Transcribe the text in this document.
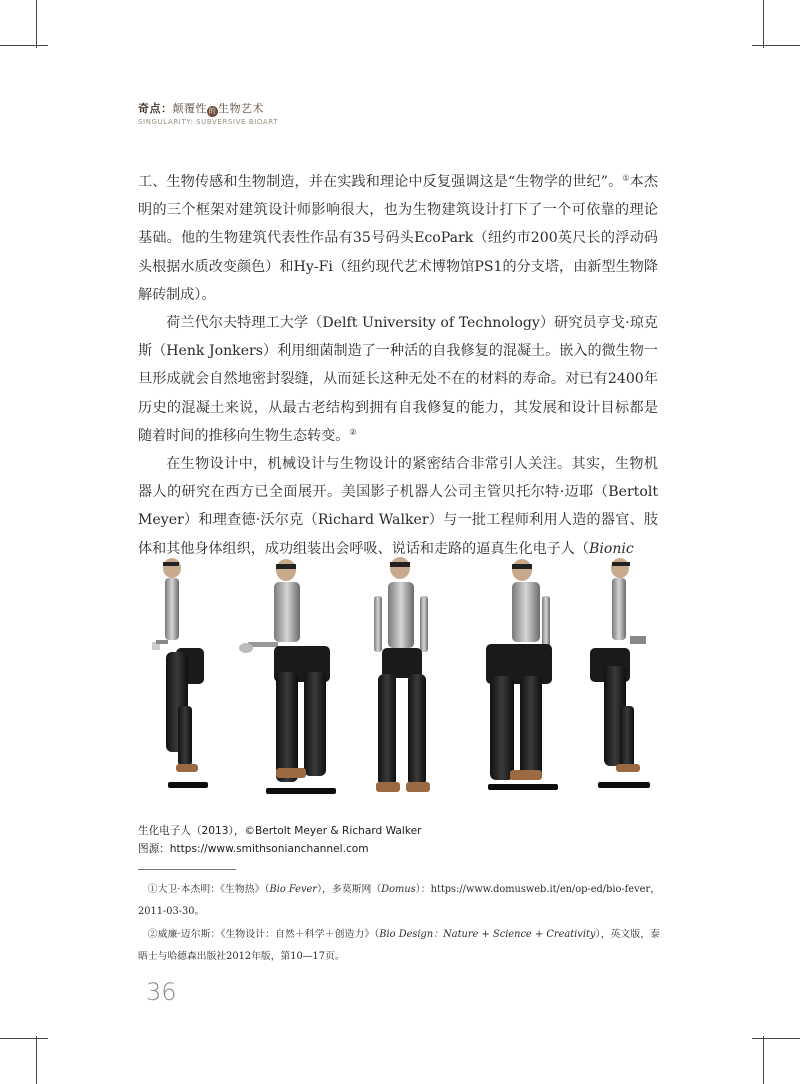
奇点：颠覆性 的 生物艺术
SINGULARITY: SUBVERSIVE BIOART

工、生物传感和生物制造，并在实践和理论中反复强调这是“生物学的世纪”。①本杰明的三个框架对建筑设计师影响很大，也为生物建筑设计打下了一个可依靠的理论基础。他的生物建筑代表性作品有35号码头EcoPark（纽约市200英尺长的浮动码头根据水质改变颜色）和Hy-Fi（纽约现代艺术博物馆PS1的分支塔，由新型生物降解砖制成）。

荷兰代尔夫特理工大学（Delft University of Technology）研究员亨戈·琼克斯（Henk Jonkers）利用细菌制造了一种活的自我修复的混凝土。嵌入的微生物一旦形成就会自然地密封裂缝，从而延长这种无处不在的材料的寿命。对已有2400年历史的混凝土来说，从最古老结构到拥有自我修复的能力，其发展和设计目标都是随着时间的推移向生物生态转变。②

在生物设计中，机械设计与生物设计的紧密结合非常引人关注。其实，生物机器人的研究在西方已全面展开。美国影子机器人公司主管贝托尔特·迈耶（Bertolt Meyer）和理查德·沃尔克（Richard Walker）与一批工程师利用人造的器官、肢体和其他身体组织，成功组装出会呼吸、说话和走路的逼真生化电子人（Bionic

生化电子人（2013），©Bertolt Meyer & Richard Walker
图源：https://www.smithsonianchannel.com

①大卫·本杰明：《生物热》（Bio Fever），多莫斯网（Domus）：https://www.domusweb.it/en/op-ed/bio-fever，2011-03-30。

②威廉·迈尔斯：《生物设计：自然＋科学＋创造力》（Bio Design：Nature + Science + Creativity），英文版，泰晤士与哈德森出版社2012年版，第10—17页。

36
